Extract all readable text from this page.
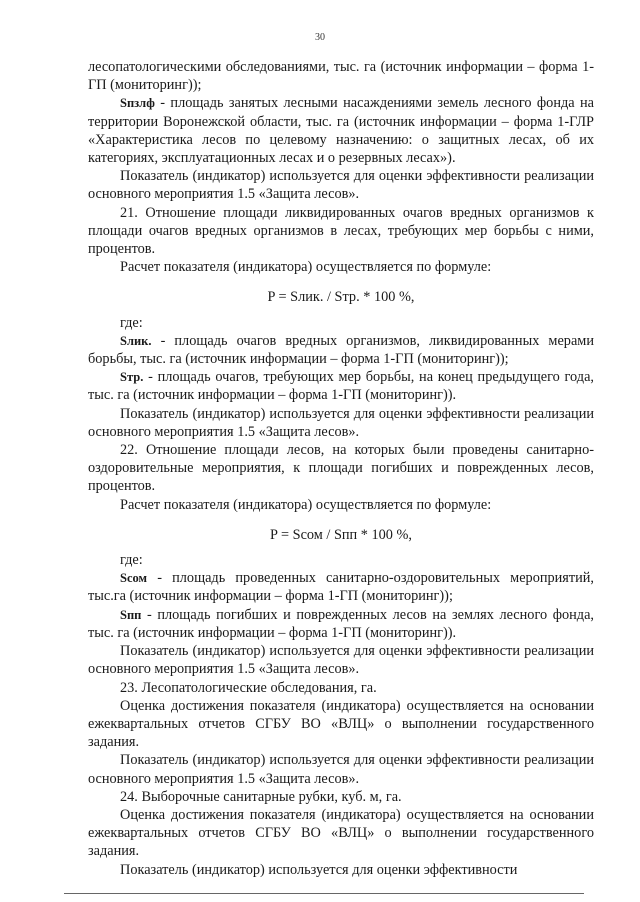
30

лесопатологическими обследованиями, тыс. га (источник информации – форма 1-ГП (мониторинг));

Sпзлф - площадь занятых лесными насаждениями земель лесного фонда на территории Воронежской области, тыс. га (источник информации – форма 1-ГЛР «Характеристика лесов по целевому назначению: о защитных лесах, об их категориях, эксплуатационных лесах и о резервных лесах»).

Показатель (индикатор) используется для оценки эффективности реализации основного мероприятия 1.5 «Защита лесов».

21. Отношение площади ликвидированных очагов вредных организмов к площади очагов вредных организмов в лесах, требующих мер борьбы с ними, процентов.

Расчет показателя (индикатора) осуществляется по формуле:

P = Sлик. / Sтр. * 100 %,

где:

Sлик. - площадь очагов вредных организмов, ликвидированных мерами борьбы, тыс. га (источник информации – форма 1-ГП (мониторинг));

Sтр. - площадь очагов, требующих мер борьбы, на конец предыдущего года, тыс. га (источник информации – форма 1-ГП (мониторинг)).

Показатель (индикатор) используется для оценки эффективности реализации основного мероприятия 1.5 «Защита лесов».

22. Отношение площади лесов, на которых были проведены санитарно-оздоровительные мероприятия, к площади погибших и поврежденных лесов, процентов.

Расчет показателя (индикатора) осуществляется по формуле:

P = Sсом / Sпп * 100 %,

где:

Sсом - площадь проведенных санитарно-оздоровительных мероприятий, тыс.га (источник информации – форма 1-ГП (мониторинг));

Sпп - площадь погибших и поврежденных лесов на землях лесного фонда, тыс. га (источник информации – форма 1-ГП (мониторинг)).

Показатель (индикатор) используется для оценки эффективности реализации основного мероприятия 1.5 «Защита лесов».

23. Лесопатологические обследования, га.

Оценка достижения показателя (индикатора) осуществляется на основании ежеквартальных отчетов СГБУ ВО «ВЛЦ» о выполнении государственного задания.

Показатель (индикатор) используется для оценки эффективности реализации основного мероприятия 1.5 «Защита лесов».

24. Выборочные санитарные рубки, куб. м, га.

Оценка достижения показателя (индикатора) осуществляется на основании ежеквартальных отчетов СГБУ ВО «ВЛЦ» о выполнении государственного задания.

Показатель (индикатор) используется для оценки эффективности
